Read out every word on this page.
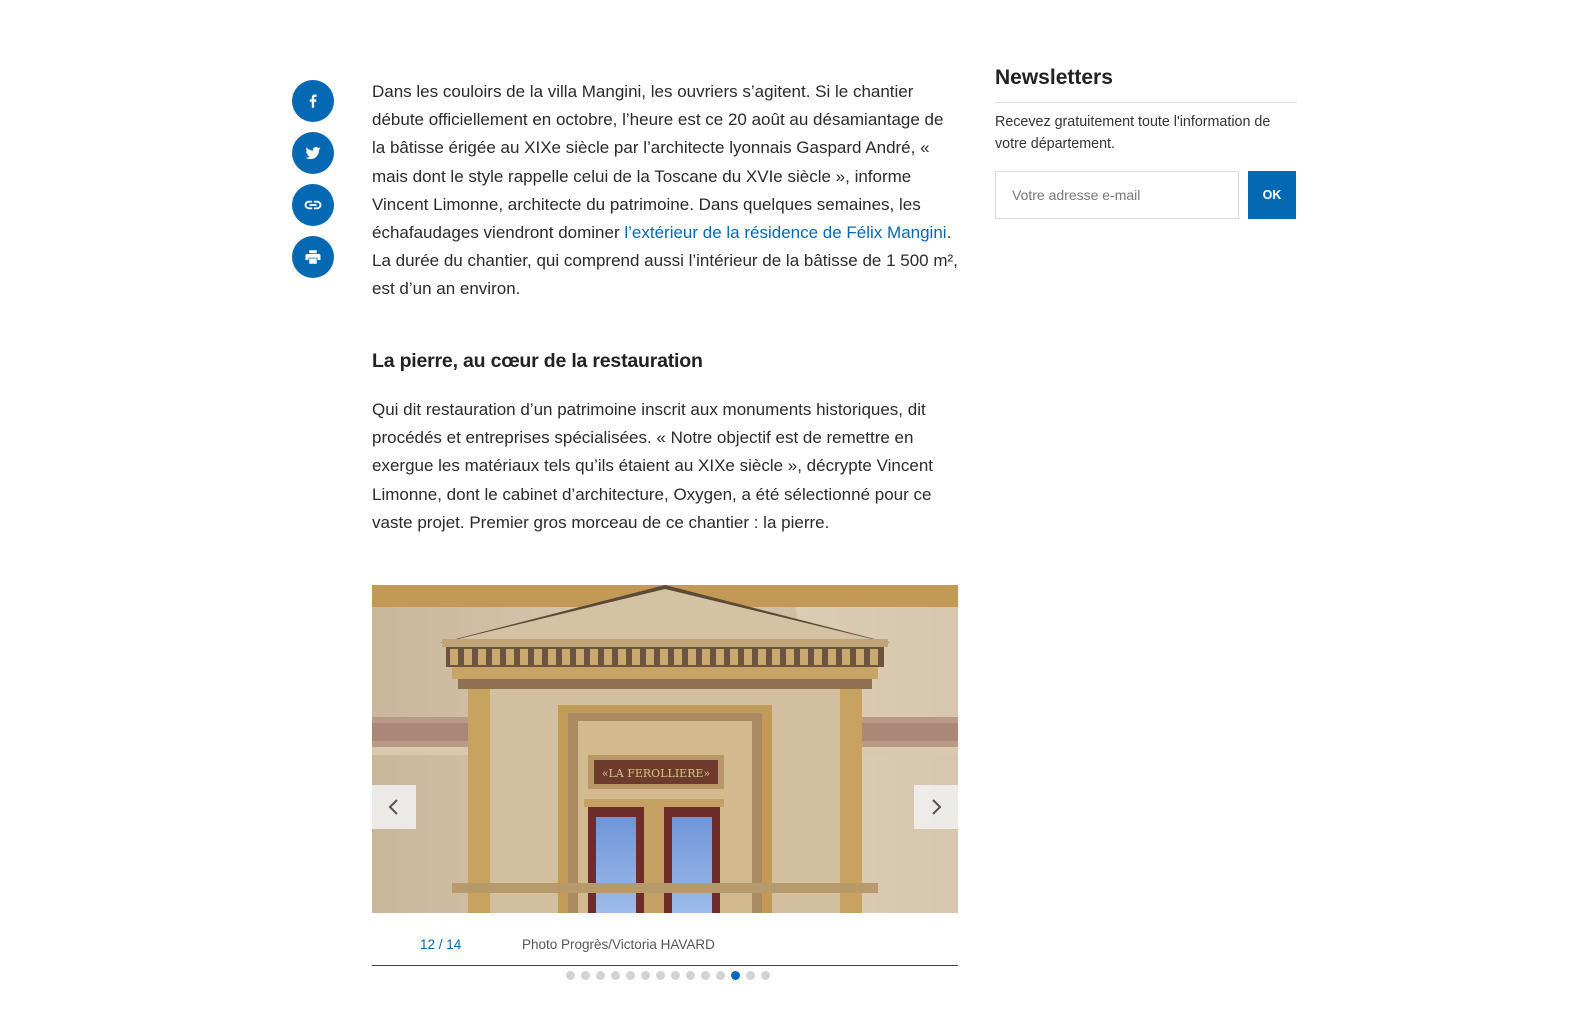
Dans les couloirs de la villa Mangini, les ouvriers s’agitent. Si le chantier débute officiellement en octobre, l’heure est ce 20 août au désamiantage de la bâtisse érigée au XIXe siècle par l’architecte lyonnais Gaspard André, « mais dont le style rappelle celui de la Toscane du XVIe siècle », informe Vincent Limonne, architecte du patrimoine. Dans quelques semaines, les échafaudages viendront dominer l’extérieur de la résidence de Félix Mangini. La durée du chantier, qui comprend aussi l’intérieur de la bâtisse de 1 500 m², est d’un an environ.

La pierre, au cœur de la restauration

Qui dit restauration d’un patrimoine inscrit aux monuments historiques, dit procédés et entreprises spécialisées. « Notre objectif est de remettre en exergue les matériaux tels qu’ils étaient au XIXe siècle », décrypte Vincent Limonne, dont le cabinet d’architecture, Oxygen, a été sélectionné pour ce vaste projet. Premier gros morceau de ce chantier : la pierre.

«LA FEROLLIERE»
12 / 14	Photo Progrès/Victoria HAVARD
Newsletters

Recevez gratuitement toute l'information de votre département.

Votre adresse e-mail
OK
